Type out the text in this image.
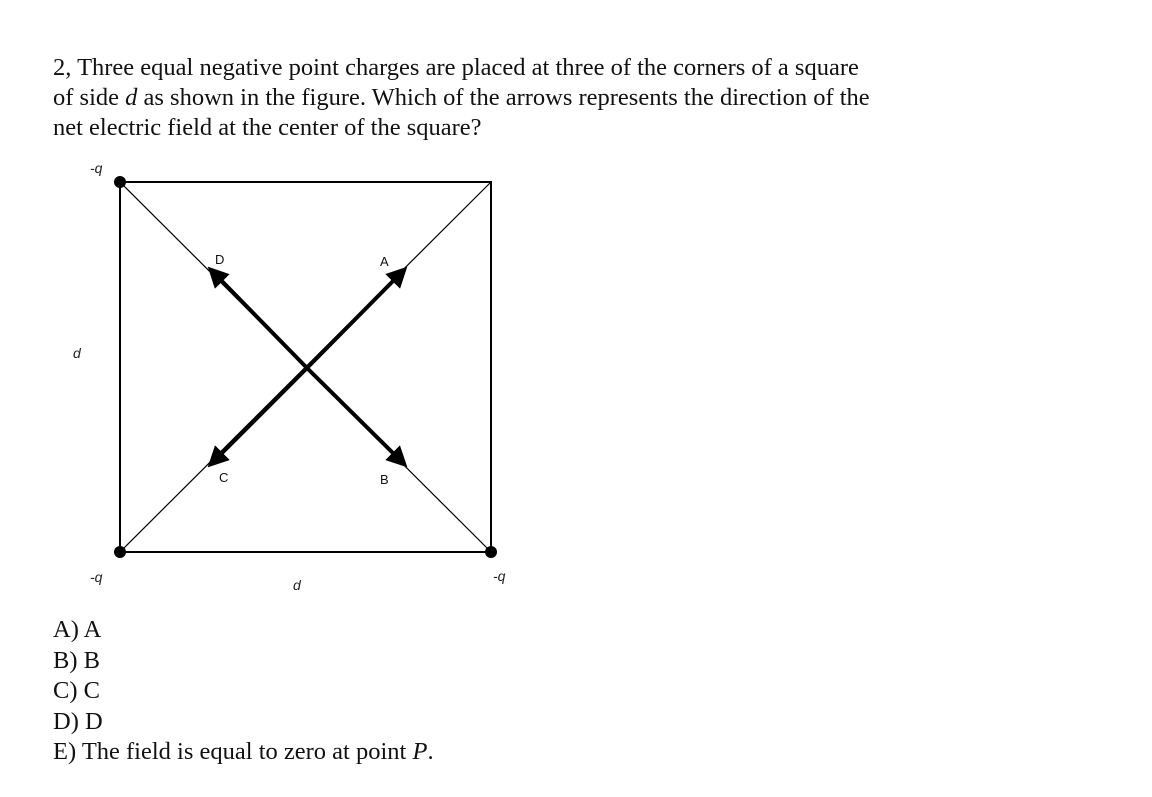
2, Three equal negative point charges are placed at three of the corners of a square of side d as shown in the figure. Which of the arrows represents the direction of the net electric field at the center of the square?

A
B
C
D
-q
-q	-q
d
d
A) A
B) B
C) C
D) D
E) The field is equal to zero at point P.
